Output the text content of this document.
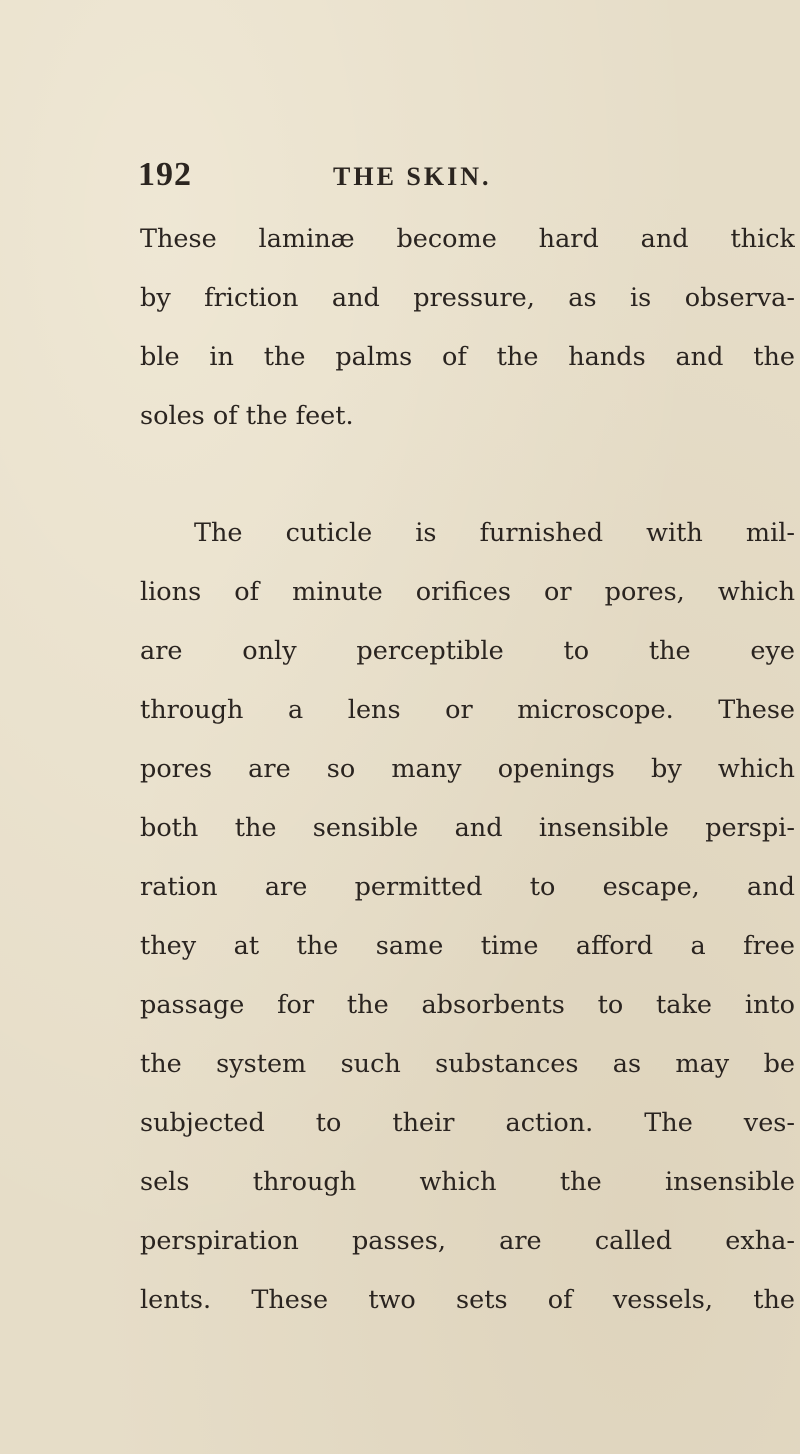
192	THE SKIN.
These laminæ become hard and thick
by friction and pressure, as is observa-
ble in the palms of the hands and the
soles of the feet.
The cuticle is furnished with mil-
lions of minute orifices or pores, which
are only perceptible to the eye
through a lens or microscope. These
pores are so many openings by which
both the sensible and insensible perspi-
ration are permitted to escape, and
they at the same time afford a free
passage for the absorbents to take into
the system such substances as may be
subjected to their action. The ves-
sels through which the insensible
perspiration passes, are called exha-
lents. These two sets of vessels, the
